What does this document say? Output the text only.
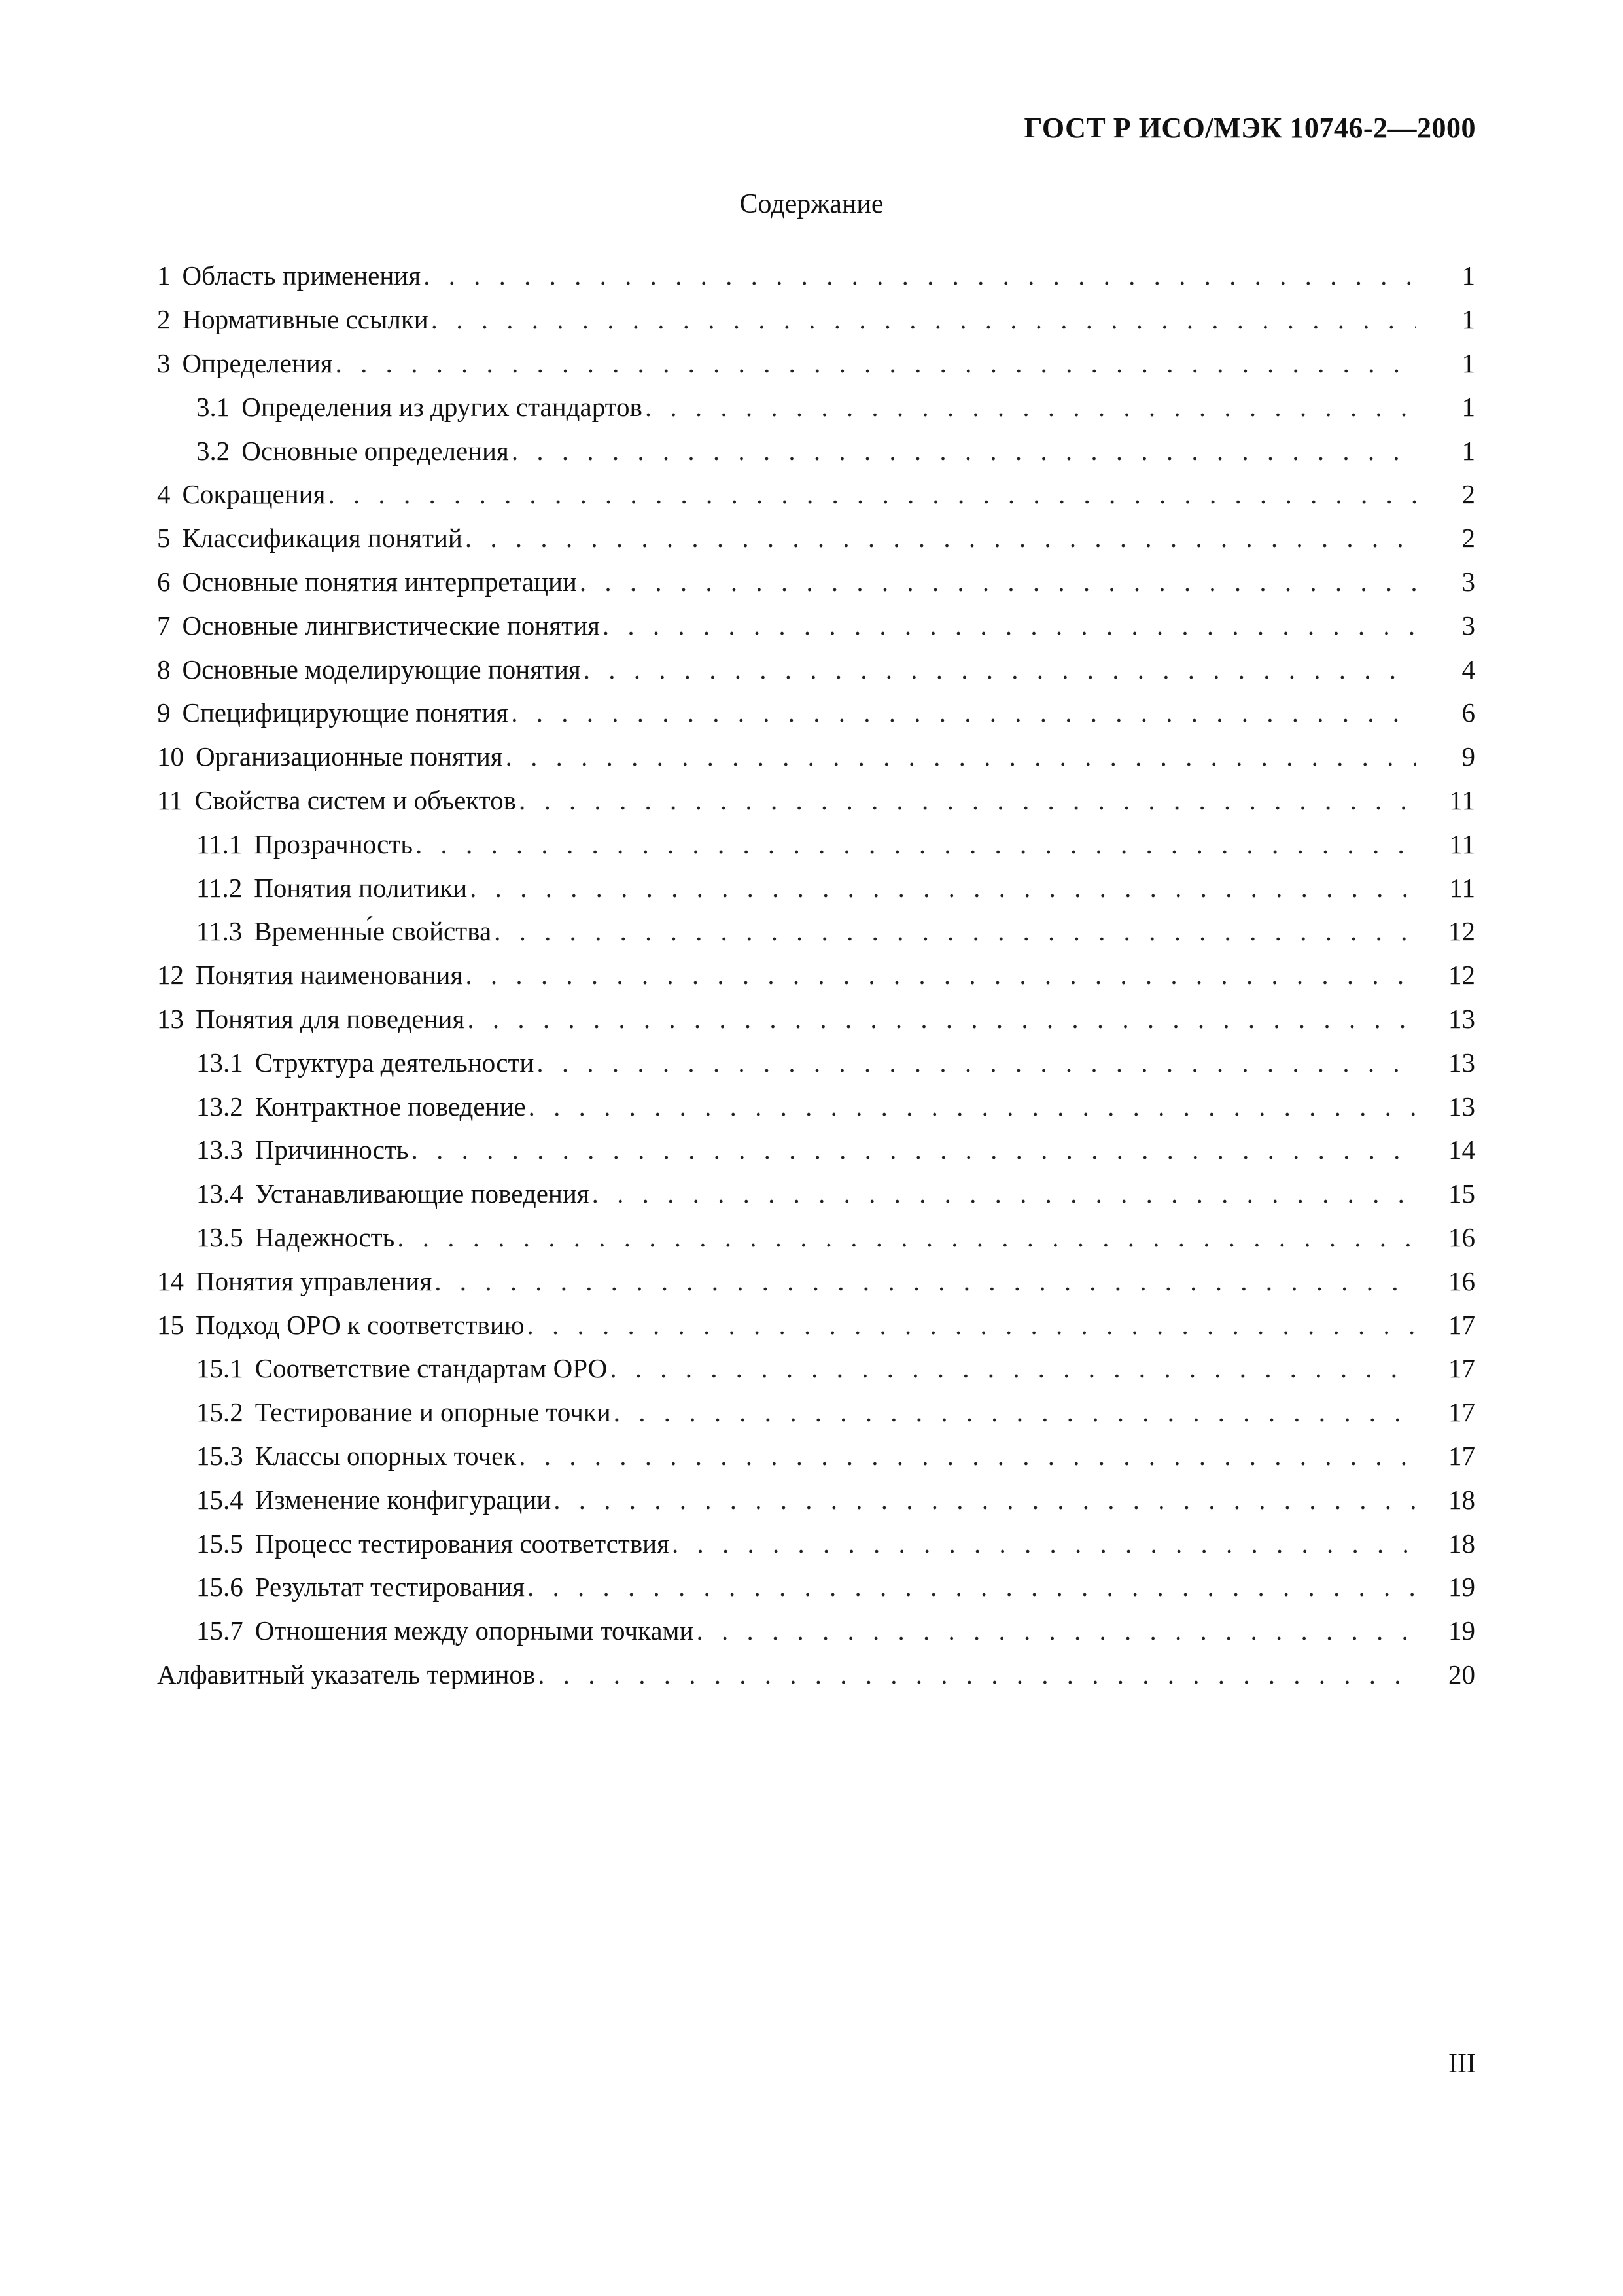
ГОСТ Р ИСО/МЭК 10746-2—2000
Содержание
1 Область применения . . .	1
2 Нормативные ссылки . . .	1
3 Определения . . .	1
3.1 Определения из других стандартов . . .	1
3.2 Основные определения . . .	1
4 Сокращения . . .	2
5 Классификация понятий . . .	2
6 Основные понятия интерпретации . . .	3
7 Основные лингвистические понятия . . .	3
8 Основные моделирующие понятия . . .	4
9 Специфицирующие понятия . . .	6
10 Организационные понятия . . .	9
11 Свойства систем и объектов . . .	11
11.1 Прозрачность . . .	11
11.2 Понятия политики . . .	11
11.3 Временны́е свойства . . .	12
12 Понятия наименования . . .	12
13 Понятия для поведения . . .	13
13.1 Структура деятельности . . .	13
13.2 Контрактное поведение . . .	13
13.3 Причинность . . .	14
13.4 Устанавливающие поведения . . .	15
13.5 Надежность . . .	16
14 Понятия управления . . .	16
15 Подход ОРО к соответствию . . .	17
15.1 Соответствие стандартам ОРО . . .	17
15.2 Тестирование и опорные точки . . .	17
15.3 Классы опорных точек . . .	17
15.4 Изменение конфигурации . . .	18
15.5 Процесс тестирования соответствия . . .	18
15.6 Результат тестирования . . .	19
15.7 Отношения между опорными точками . . .	19
Алфавитный указатель терминов . . .	20
III
